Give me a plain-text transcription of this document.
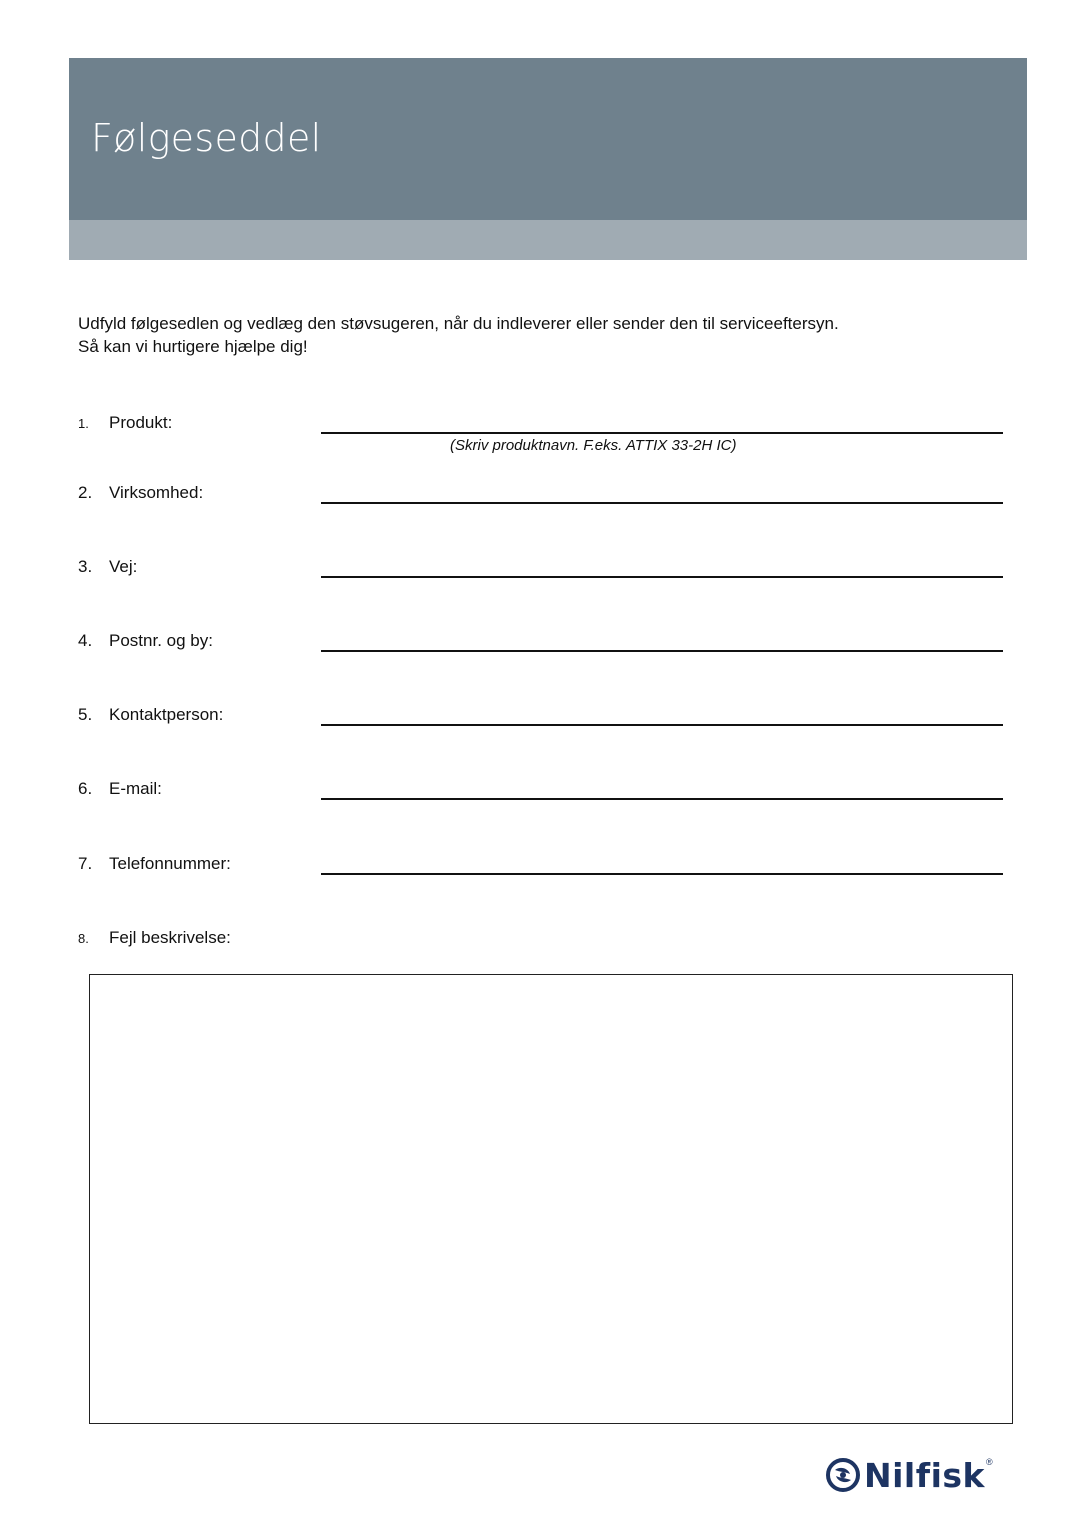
Følgeseddel
Udfyld følgesedlen og vedlæg den støvsugeren, når du indleverer eller sender den til serviceeftersyn.
Så kan vi hurtigere hjælpe dig!
1. Produkt:
(Skriv produktnavn. F.eks. ATTIX 33-2H IC)
2. Virksomhed:
3. Vej:
4. Postnr. og by:
5. Kontaktperson:
6. E-mail:
7. Telefonnummer:
8. Fejl beskrivelse:
Nilfisk ®
